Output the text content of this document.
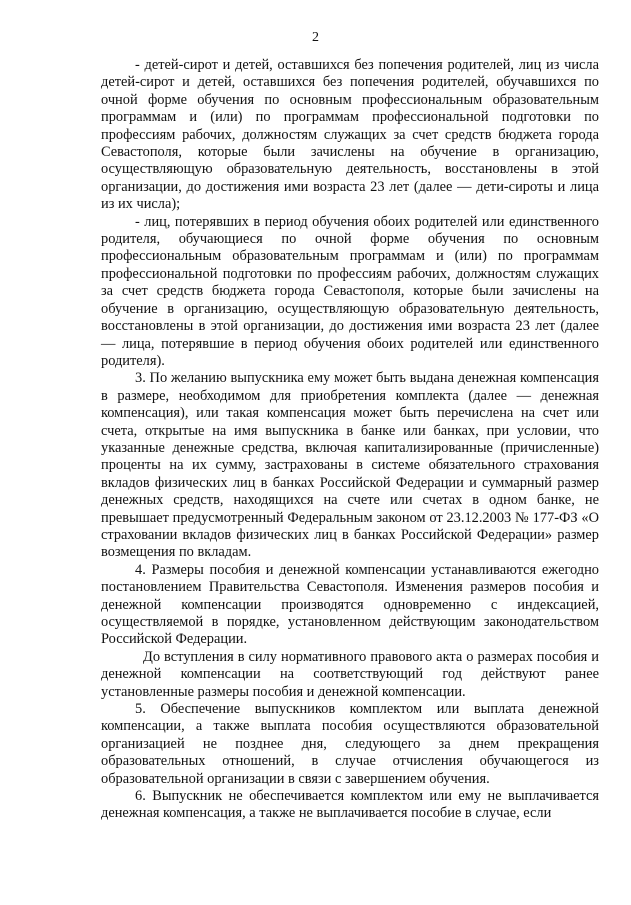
2

- детей-сирот и детей, оставшихся без попечения родителей, лиц из числа детей-сирот и детей, оставшихся без попечения родителей, обучавшихся по очной форме обучения по основным профессиональным образовательным программам и (или) по программам профессиональной подготовки по профессиям рабочих, должностям служащих за счет средств бюджета города Севастополя, которые были зачислены на обучение в организацию, осуществляющую образовательную деятельность, восстановлены в этой организации, до достижения ими возраста 23 лет (далее — дети-сироты и лица из их числа);

- лиц, потерявших в период обучения обоих родителей или единственного родителя, обучающиеся по очной форме обучения по основным профессиональным образовательным программам и (или) по программам профессиональной подготовки по профессиям рабочих, должностям служащих за счет средств бюджета города Севастополя, которые были зачислены на обучение в организацию, осуществляющую образовательную деятельность, восстановлены в этой организации, до достижения ими возраста 23 лет (далее — лица, потерявшие в период обучения обоих родителей или единственного родителя).

3. По желанию выпускника ему может быть выдана денежная компенсация в размере, необходимом для приобретения комплекта (далее — денежная компенсация), или такая компенсация может быть перечислена на счет или счета, открытые на имя выпускника в банке или банках, при условии, что указанные денежные средства, включая капитализированные (причисленные) проценты на их сумму, застрахованы в системе обязательного страхования вкладов физических лиц в банках Российской Федерации и суммарный размер денежных средств, находящихся на счете или счетах в одном банке, не превышает предусмотренный Федеральным законом от 23.12.2003 № 177-ФЗ «О страховании вкладов физических лиц в банках Российской Федерации» размер возмещения по вкладам.

4. Размеры пособия и денежной компенсации устанавливаются ежегодно постановлением Правительства Севастополя. Изменения размеров пособия и денежной компенсации производятся одновременно с индексацией, осуществляемой в порядке, установленном действующим законодательством Российской Федерации.

До вступления в силу нормативного правового акта о размерах пособия и денежной компенсации на соответствующий год действуют ранее установленные размеры пособия и денежной компенсации.

5. Обеспечение выпускников комплектом или выплата денежной компенсации, а также выплата пособия осуществляются образовательной организацией не позднее дня, следующего за днем прекращения образовательных отношений, в случае отчисления обучающегося из образовательной организации в связи с завершением обучения.

6. Выпускник не обеспечивается комплектом или ему не выплачивается денежная компенсация, а также не выплачивается пособие в случае, если
